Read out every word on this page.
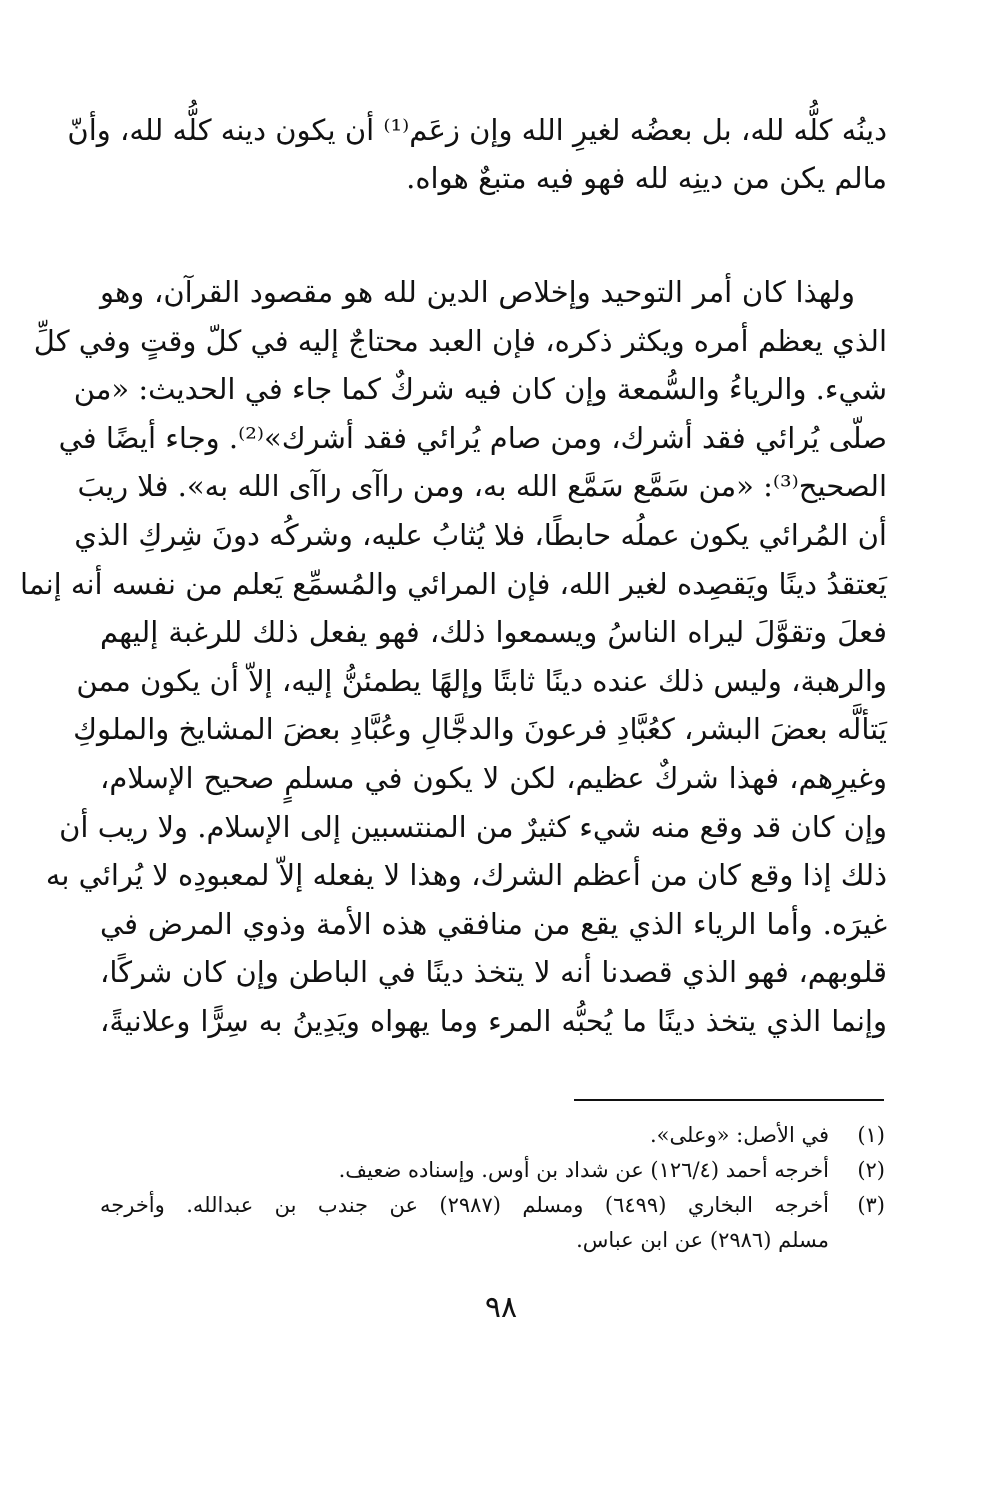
دينُه كلُّه لله، بل بعضُه لغيرِ الله وإن زعَم⁽¹⁾ أن يكون دينه كلُّه لله، وأنّ
مالم يكن من دينِه لله فهو فيه متبعٌ هواه.
ولهذا كان أمر التوحيد وإخلاص الدين لله هو مقصود القرآن، وهو
الذي يعظم أمره ويكثر ذكره، فإن العبد محتاجٌ إليه في كلّ وقتٍ وفي كلِّ
شيء. والرياءُ والسُّمعة وإن كان فيه شركٌ كما جاء في الحديث: «من
صلّى يُرائي فقد أشرك، ومن صام يُرائي فقد أشرك»⁽²⁾. وجاء أيضًا في
الصحيح⁽³⁾: «من سَمَّع سَمَّع الله به، ومن راآى راآى الله به». فلا ريبَ
أن المُرائي يكون عملُه حابطًا، فلا يُثابُ عليه، وشركُه دونَ شِركِ الذي
يَعتقدُ دينًا ويَقصِده لغير الله، فإن المرائي والمُسمِّع يَعلم من نفسه أنه إنما
فعلَ وتقوَّلَ ليراه الناسُ ويسمعوا ذلك، فهو يفعل ذلك للرغبة إليهم
والرهبة، وليس ذلك عنده دينًا ثابتًا وإلهًا يطمئنُّ إليه، إلاّ أن يكون ممن
يَتألَّه بعضَ البشر، كعُبَّادِ فرعونَ والدجَّالِ وعُبَّادِ بعضَ المشايخ والملوكِ
وغيرِهم، فهذا شركٌ عظيم، لكن لا يكون في مسلمٍ صحيح الإسلام،
وإن كان قد وقع منه شيء كثيرٌ من المنتسبين إلى الإسلام. ولا ريب أن
ذلك إذا وقع كان من أعظم الشرك، وهذا لا يفعله إلاّ لمعبودِه لا يُرائي به
غيرَه. وأما الرياء الذي يقع من منافقي هذه الأمة وذوي المرض في
قلوبهم، فهو الذي قصدنا أنه لا يتخذ دينًا في الباطن وإن كان شركًا،
وإنما الذي يتخذ دينًا ما يُحبُّه المرء وما يهواه ويَدِينُ به سِرًّا وعلانيةً،
(١)
في الأصل: «وعلى».
(٢)
أخرجه أحمد (١٢٦/٤) عن شداد بن أوس. وإسناده ضعيف.
(٣)
أخرجه البخاري (٦٤٩٩) ومسلم (٢٩٨٧) عن جندب بن عبدالله. وأخرجه
مسلم (٢٩٨٦) عن ابن عباس.
٩٨
